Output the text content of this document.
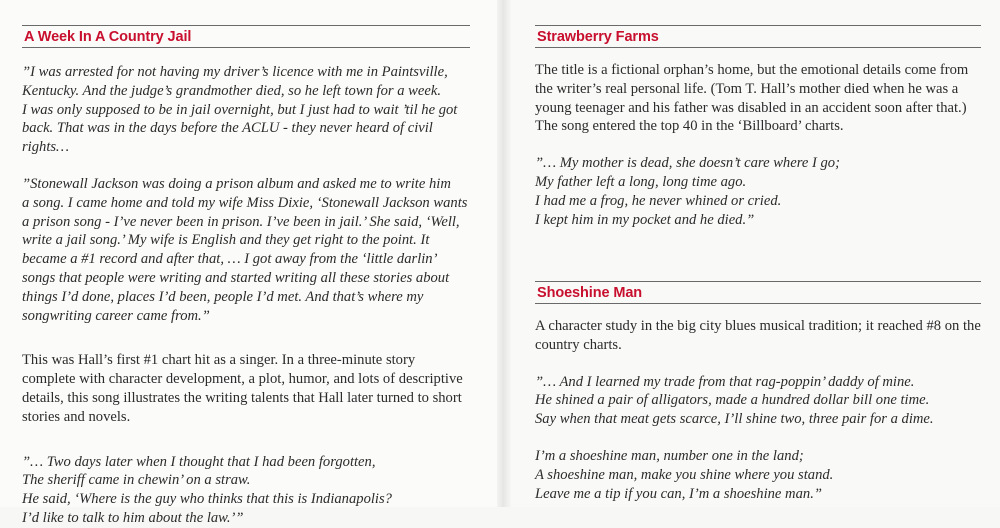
A Week In A Country Jail

”I was arrested for not having my driver’s licence with me in Paintsville,

Kentucky. And the judge’s grandmother died, so he left town for a week.

I was only supposed to be in jail overnight, but I just had to wait ’til he got

back. That was in the days before the ACLU - they never heard of civil

rights…

”Stonewall Jackson was doing a prison album and asked me to write him

a song. I came home and told my wife Miss Dixie, ‘Stonewall Jackson wants

a prison song - I’ve never been in prison. I’ve been in jail.’ She said, ‘Well,

write a jail song.’ My wife is English and they get right to the point. It

became a #1 record and after that, … I got away from the ‘little darlin’

songs that people were writing and started writing all these stories about

things I’d done, places I’d been, people I’d met. And that’s where my

songwriting career came from.”

This was Hall’s first #1 chart hit as a singer. In a three-minute story

complete with character development, a plot, humor, and lots of descriptive

details, this song illustrates the writing talents that Hall later turned to short

stories and novels.

”… Two days later when I thought that I had been forgotten,

The sheriff came in chewin’ on a straw.

He said, ‘Where is the guy who thinks that this is Indianapolis?

I’d like to talk to him about the law.’”

Strawberry Farms

The title is a fictional orphan’s home, but the emotional details come from

the writer’s real personal life. (Tom T. Hall’s mother died when he was a

young teenager and his father was disabled in an accident soon after that.)

The song entered the top 40 in the ‘Billboard’ charts.

”… My mother is dead, she doesn’t care where I go;

My father left a long, long time ago.

I had me a frog, he never whined or cried.

I kept him in my pocket and he died.”

Shoeshine Man

A character study in the big city blues musical tradition; it reached #8 on the

country charts.

”… And I learned my trade from that rag-poppin’ daddy of mine.

He shined a pair of alligators, made a hundred dollar bill one time.

Say when that meat gets scarce, I’ll shine two, three pair for a dime.

I’m a shoeshine man, number one in the land;

A shoeshine man, make you shine where you stand.

Leave me a tip if you can, I’m a shoeshine man.”
